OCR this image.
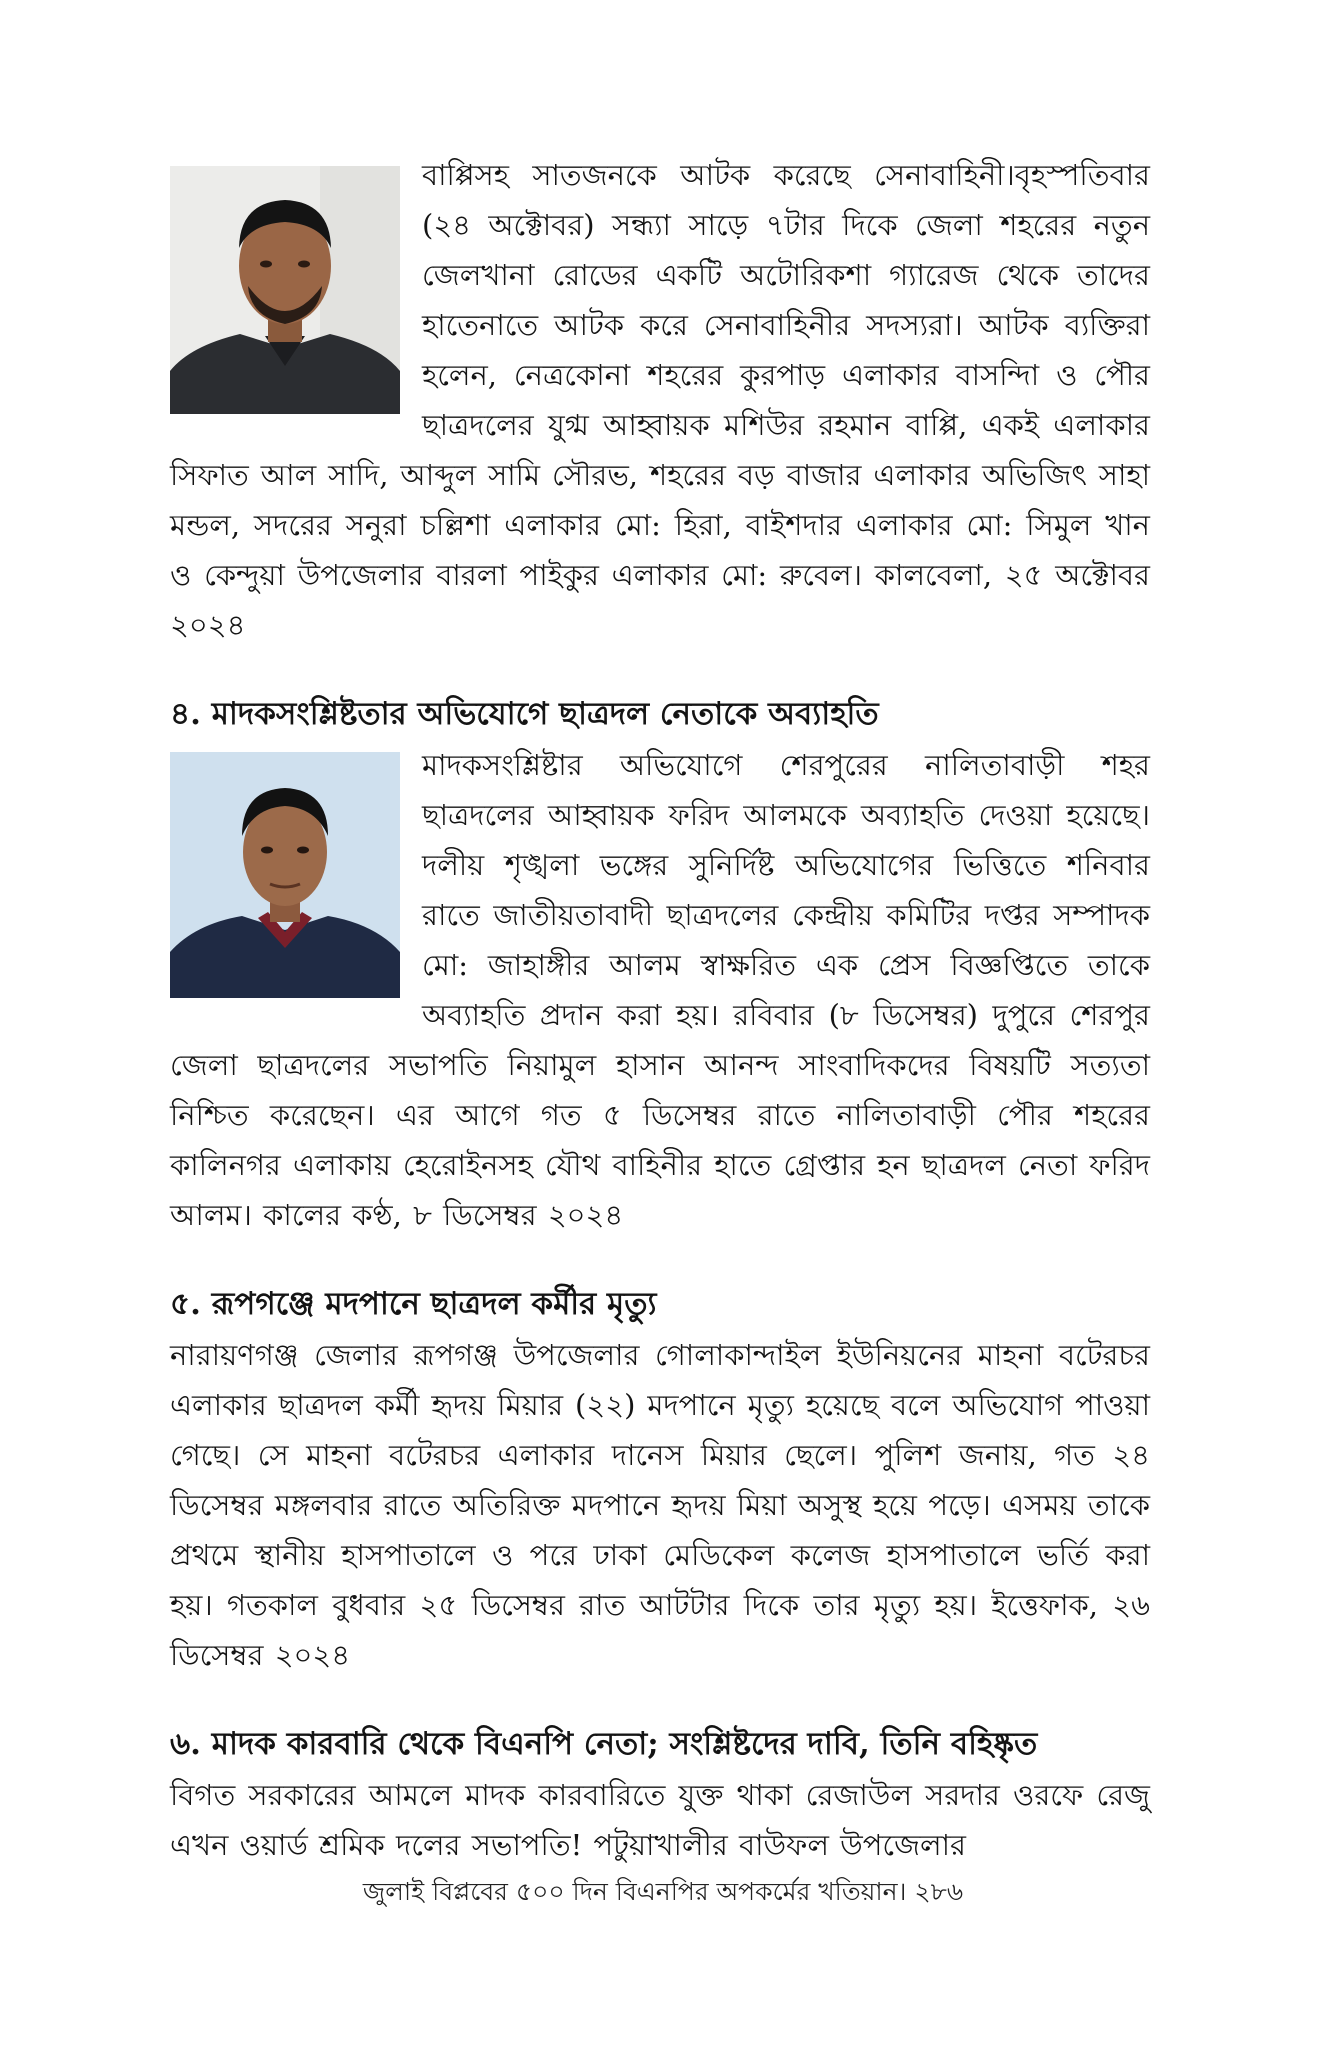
বাপ্পিসহ সাতজনকে আটক করেছে সেনাবাহিনী।বৃহস্পতিবার (২৪ অক্টোবর) সন্ধ্যা সাড়ে ৭টার দিকে জেলা শহরের নতুন জেলখানা রোডের একটি অটোরিকশা গ্যারেজ থেকে তাদের হাতেনাতে আটক করে সেনাবাহিনীর সদস্যরা। আটক ব্যক্তিরা হলেন, নেত্রকোনা শহরের কুরপাড় এলাকার বাসন্দিা ও পৌর ছাত্রদলের যুগ্ম আহ্বায়ক মশিউর রহমান বাপ্পি, একই এলাকার সিফাত আল সাদি, আব্দুল সামি সৌরভ, শহরের বড় বাজার এলাকার অভিজিৎ সাহা মন্ডল, সদরের সনুরা চল্লিশা এলাকার মো: হিরা, বাইশদার এলাকার মো: সিমুল খান ও কেন্দুয়া উপজেলার বারলা পাইকুর এলাকার মো: রুবেল। কালবেলা, ২৫ অক্টোবর ২০২৪

৪. মাদকসংশ্লিষ্টতার অভিযোগে ছাত্রদল নেতাকে অব্যাহতি

মাদকসংশ্লিষ্টার অভিযোগে শেরপুরের নালিতাবাড়ী শহর ছাত্রদলের আহ্বায়ক ফরিদ আলমকে অব্যাহতি দেওয়া হয়েছে। দলীয় শৃঙ্খলা ভঙ্গের সুনির্দিষ্ট অভিযোগের ভিত্তিতে শনিবার রাতে জাতীয়তাবাদী ছাত্রদলের কেন্দ্রীয় কমিটির দপ্তর সম্পাদক মো: জাহাঙ্গীর আলম স্বাক্ষরিত এক প্রেস বিজ্ঞপ্তিতে তাকে অব্যাহতি প্রদান করা হয়। রবিবার (৮ ডিসেম্বর) দুপুরে শেরপুর জেলা ছাত্রদলের সভাপতি নিয়ামুল হাসান আনন্দ সাংবাদিকদের বিষয়টি সত্যতা নিশ্চিত করেছেন। এর আগে গত ৫ ডিসেম্বর রাতে নালিতাবাড়ী পৌর শহরের কালিনগর এলাকায় হেরোইনসহ যৌথ বাহিনীর হাতে গ্রেপ্তার হন ছাত্রদল নেতা ফরিদ আলম। কালের কণ্ঠ, ৮ ডিসেম্বর ২০২৪

৫. রূপগঞ্জে মদপানে ছাত্রদল কর্মীর মৃত্যু

নারায়ণগঞ্জ জেলার রূপগঞ্জ উপজেলার গোলাকান্দাইল ইউনিয়নের মাহনা বটেরচর এলাকার ছাত্রদল কর্মী হৃদয় মিয়ার (২২) মদপানে মৃত্যু হয়েছে বলে অভিযোগ পাওয়া গেছে। সে মাহনা বটেরচর এলাকার দানেস মিয়ার ছেলে। পুলিশ জনায়, গত ২৪ ডিসেম্বর মঙ্গলবার রাতে অতিরিক্ত মদপানে হৃদয় মিয়া অসুস্থ হয়ে পড়ে। এসময় তাকে প্রথমে স্থানীয় হাসপাতালে ও পরে ঢাকা মেডিকেল কলেজ হাসপাতালে ভর্তি করা হয়। গতকাল বুধবার ২৫ ডিসেম্বর রাত আটটার দিকে তার মৃত্যু হয়। ইত্তেফাক, ২৬ ডিসেম্বর ২০২৪

৬. মাদক কারবারি থেকে বিএনপি নেতা; সংশ্লিষ্টদের দাবি, তিনি বহিষ্কৃত

বিগত সরকারের আমলে মাদক কারবারিতে যুক্ত থাকা রেজাউল সরদার ওরফে রেজু এখন ওয়ার্ড শ্রমিক দলের সভাপতি! পটুয়াখালীর বাউফল উপজেলার

জুলাই বিপ্লবের ৫০০ দিন বিএনপির অপকর্মের খতিয়ান। ২৮৬
